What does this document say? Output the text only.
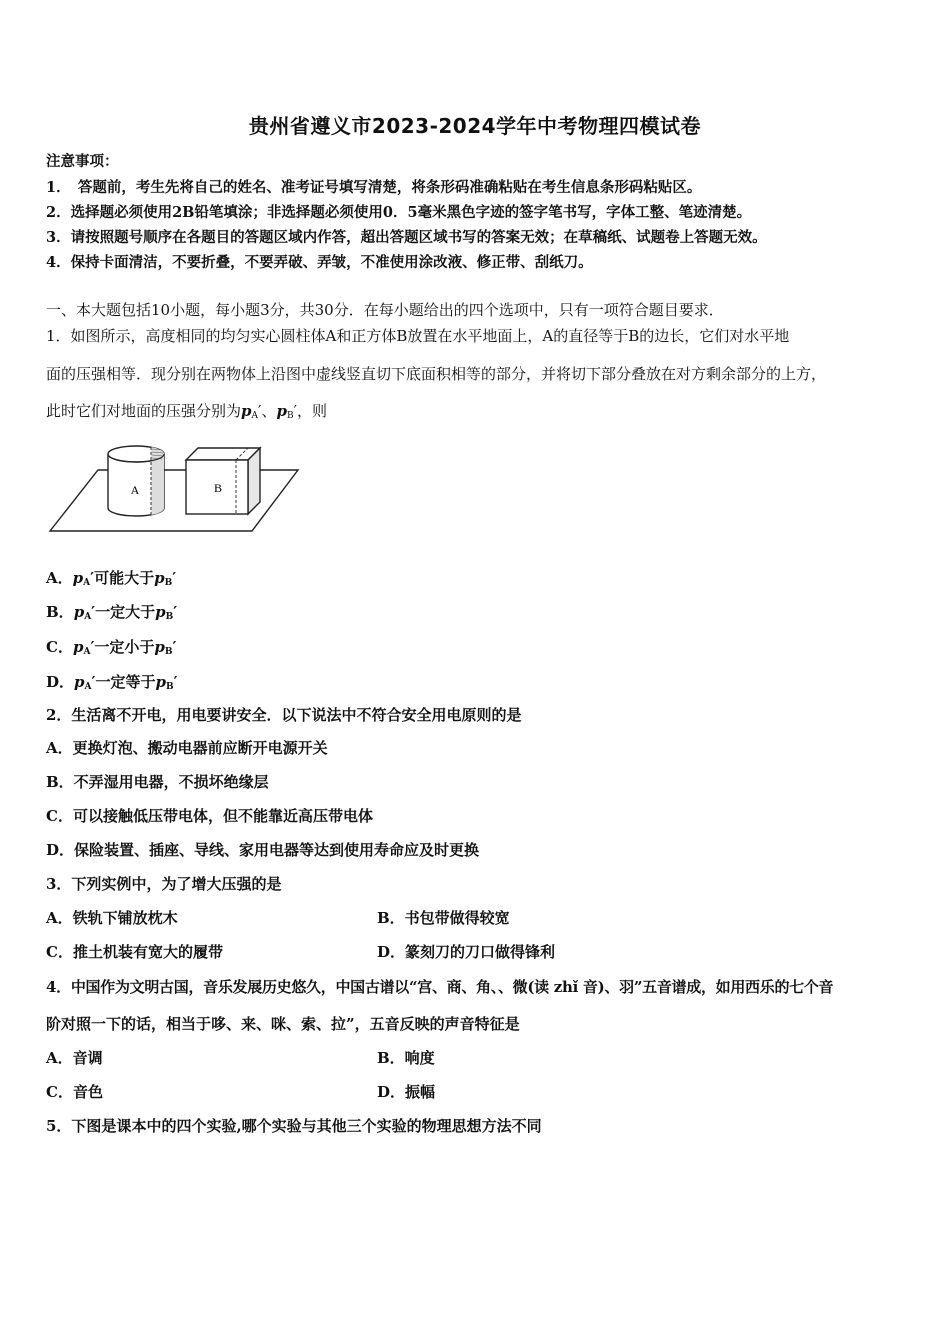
贵州省遵义市2023-2024学年中考物理四模试卷
注意事项：
1．　答题前，考生先将自己的姓名、准考证号填写清楚，将条形码准确粘贴在考生信息条形码粘贴区。
2．选择题必须使用2B铅笔填涂；非选择题必须使用0．5毫米黑色字迹的签字笔书写，字体工整、笔迹清楚。
3．请按照题号顺序在各题目的答题区域内作答，超出答题区域书写的答案无效；在草稿纸、试题卷上答题无效。
4．保持卡面清洁，不要折叠，不要弄破、弄皱，不准使用涂改液、修正带、刮纸刀。
一、本大题包括10小题，每小题3分，共30分．在每小题给出的四个选项中，只有一项符合题目要求．
1．如图所示，高度相同的均匀实心圆柱体A和正方体B放置在水平地面上，A的直径等于B的边长，它们对水平地
面的压强相等．现分别在两物体上沿图中虚线竖直切下底面积相等的部分，并将切下部分叠放在对方剩余部分的上方，
此时它们对地面的压强分别为$p_A'$、$p_B'$，则
A	B
A．$p_A'$可能大于$p_B'$
B．$p_A'$一定大于$p_B'$
C．$p_A'$一定小于$p_B'$
D．$p_A'$一定等于$p_B'$
2．生活离不开电，用电要讲安全．以下说法中不符合安全用电原则的是
A．更换灯泡、搬动电器前应断开电源开关
B．不弄湿用电器，不损坏绝缘层
C．可以接触低压带电体，但不能靠近高压带电体
D．保险装置、插座、导线、家用电器等达到使用寿命应及时更换
3．下列实例中，为了增大压强的是
A．铁轨下铺放枕木	B．书包带做得较宽
C．推土机装有宽大的履带	D．篆刻刀的刀口做得锋利
4．中国作为文明古国，音乐发展历史悠久，中国古谱以“宫、商、角、、微(读 zhǐ 音)、羽”五音谱成，如用西乐的七个音
阶对照一下的话，相当于哆、来、咪、索、拉”，五音反映的声音特征是
A．音调	B．响度
C．音色	D．振幅
5．下图是课本中的四个实验,哪个实验与其他三个实验的物理思想方法不同
